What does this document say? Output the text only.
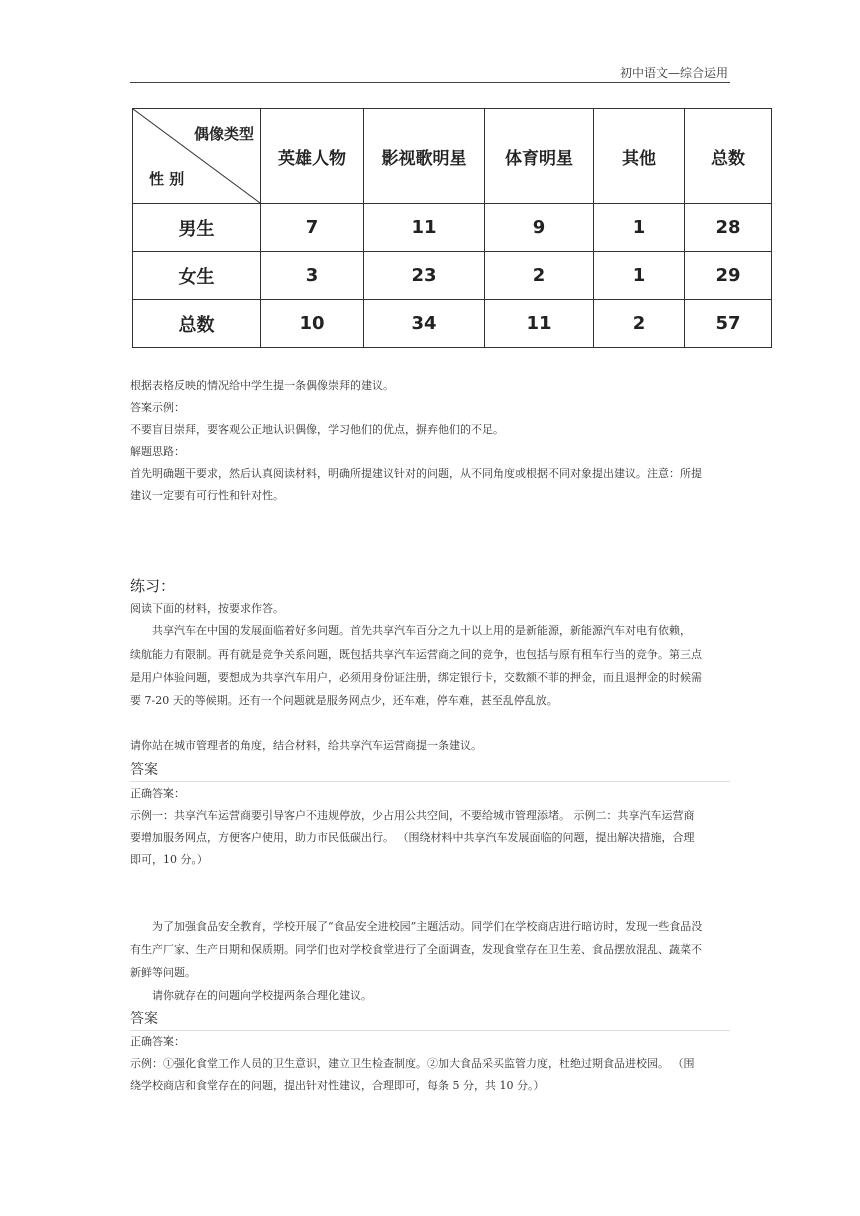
初中语文—综合运用
偶像类型
性 别	英雄人物	影视歌明星	体育明星	其他	总数
男生	7	11	9	1	28
女生	3	23	2	1	29
总数	10	34	11	2	57
根据表格反映的情况给中学生提一条偶像崇拜的建议。
答案示例：
不要盲目崇拜，要客观公正地认识偶像，学习他们的优点，摒弃他们的不足。
解题思路：
首先明确题干要求，然后认真阅读材料，明确所提建议针对的问题，从不同角度或根据不同对象提出建议。注意：所提
建议一定要有可行性和针对性。
练习：
阅读下面的材料，按要求作答。
共享汽车在中国的发展面临着好多问题。首先共享汽车百分之九十以上用的是新能源，新能源汽车对电有依赖，
续航能力有限制。再有就是竞争关系问题，既包括共享汽车运营商之间的竞争，也包括与原有租车行当的竞争。第三点
是用户体验问题，要想成为共享汽车用户，必须用身份证注册，绑定银行卡，交数额不菲的押金，而且退押金的时候需
要 7-20 天的等候期。还有一个问题就是服务网点少，还车难，停车难，甚至乱停乱放。
请你站在城市管理者的角度，结合材料，给共享汽车运营商提一条建议。
答案
正确答案：
示例一：共享汽车运营商要引导客户不违规停放，少占用公共空间，不要给城市管理添堵。 示例二：共享汽车运营商
要增加服务网点，方便客户使用，助力市民低碳出行。 （围绕材料中共享汽车发展面临的问题，提出解决措施，合理
即可，10 分。）
为了加强食品安全教育，学校开展了“食品安全进校园”主题活动。同学们在学校商店进行暗访时，发现一些食品没
有生产厂家、生产日期和保质期。同学们也对学校食堂进行了全面调查，发现食堂存在卫生差、食品摆放混乱、蔬菜不
新鲜等问题。
请你就存在的问题向学校提两条合理化建议。
答案
正确答案：
示例：①强化食堂工作人员的卫生意识，建立卫生检查制度。②加大食品采买监管力度，杜绝过期食品进校园。 （围
绕学校商店和食堂存在的问题，提出针对性建议，合理即可，每条 5 分，共 10 分。）
